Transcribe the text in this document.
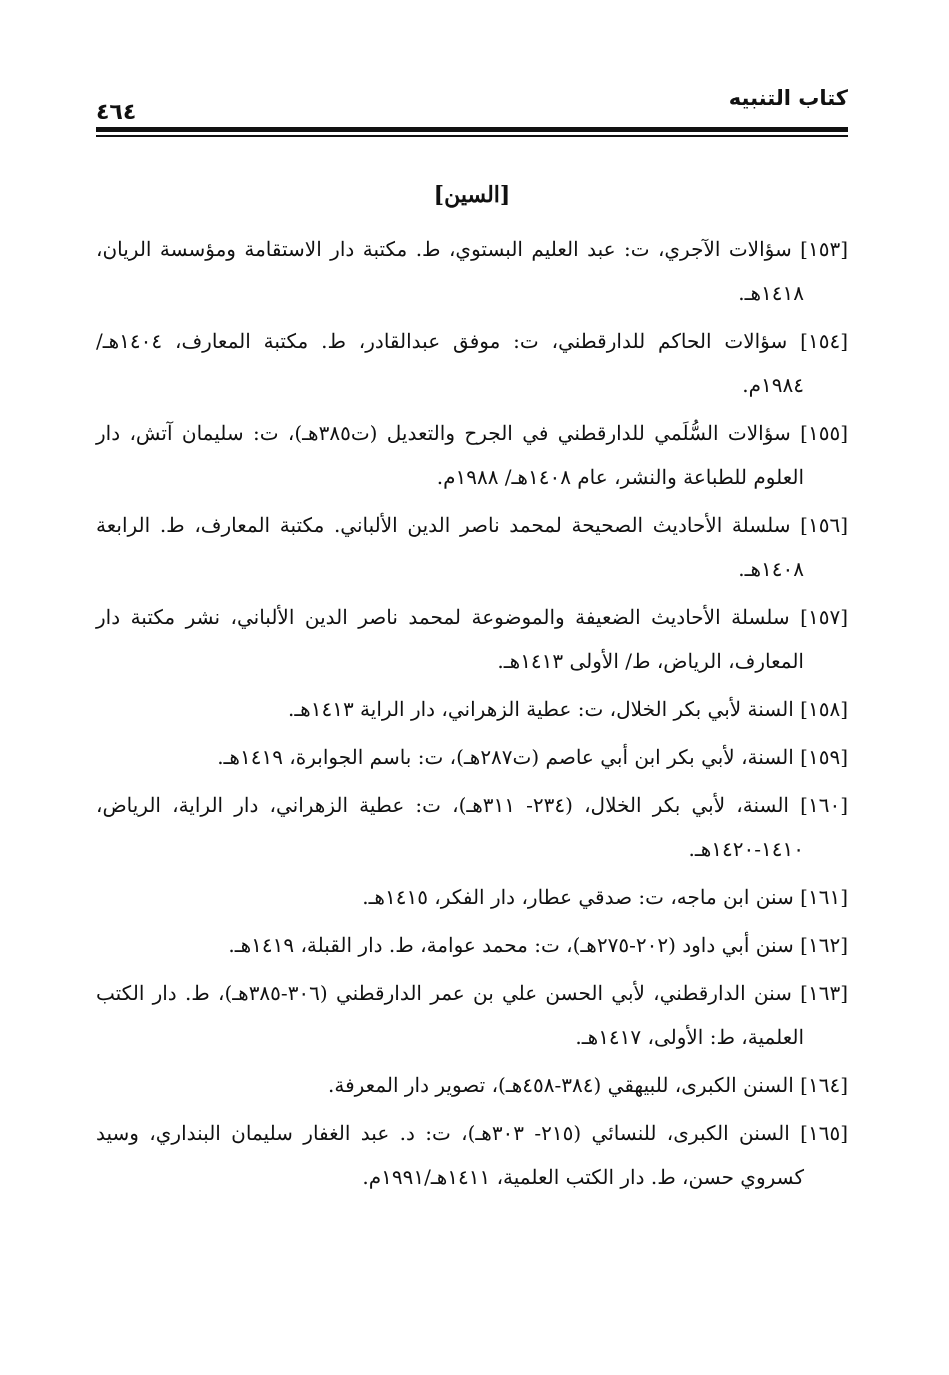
كتاب التنبيه
٤٦٤
[السين]
[١٥٣] سؤالات الآجري، ت: عبد العليم البستوي، ط. مكتبة دار الاستقامة ومؤسسة الريان، ١٤١٨هـ.
[١٥٤] سؤالات الحاكم للدارقطني، ت: موفق عبدالقادر، ط. مكتبة المعارف، ١٤٠٤هـ/ ١٩٨٤م.
[١٥٥] سؤالات السُّلَمي للدارقطني في الجرح والتعديل (ت٣٨٥هـ)، ت: سليمان آتش، دار العلوم للطباعة والنشر، عام ١٤٠٨هـ/ ١٩٨٨م.
[١٥٦] سلسلة الأحاديث الصحيحة لمحمد ناصر الدين الألباني. مكتبة المعارف، ط. الرابعة ١٤٠٨هـ.
[١٥٧] سلسلة الأحاديث الضعيفة والموضوعة لمحمد ناصر الدين الألباني، نشر مكتبة دار المعارف، الرياض، ط/ الأولى ١٤١٣هـ.
[١٥٨] السنة لأبي بكر الخلال، ت: عطية الزهراني، دار الراية ١٤١٣هـ.
[١٥٩] السنة، لأبي بكر ابن أبي عاصم (ت٢٨٧هـ)، ت: باسم الجوابرة، ١٤١٩هـ.
[١٦٠] السنة، لأبي بكر الخلال، (٢٣٤- ٣١١هـ)، ت: عطية الزهراني، دار الراية، الرياض، ١٤١٠-١٤٢٠هـ.
[١٦١] سنن ابن ماجه، ت: صدقي عطار، دار الفكر، ١٤١٥هـ.
[١٦٢] سنن أبي داود (٢٠٢-٢٧٥هـ)، ت: محمد عوامة، ط. دار القبلة، ١٤١٩هـ.
[١٦٣] سنن الدارقطني، لأبي الحسن علي بن عمر الدارقطني (٣٠٦-٣٨٥هـ)، ط. دار الكتب العلمية، ط: الأولى، ١٤١٧هـ.
[١٦٤] السنن الكبرى، للبيهقي (٣٨٤-٤٥٨هـ)، تصوير دار المعرفة.
[١٦٥] السنن الكبرى، للنسائي (٢١٥- ٣٠٣هـ)، ت: د. عبد الغفار سليمان البنداري، وسيد كسروي حسن، ط. دار الكتب العلمية، ١٤١١هـ/١٩٩١م.
